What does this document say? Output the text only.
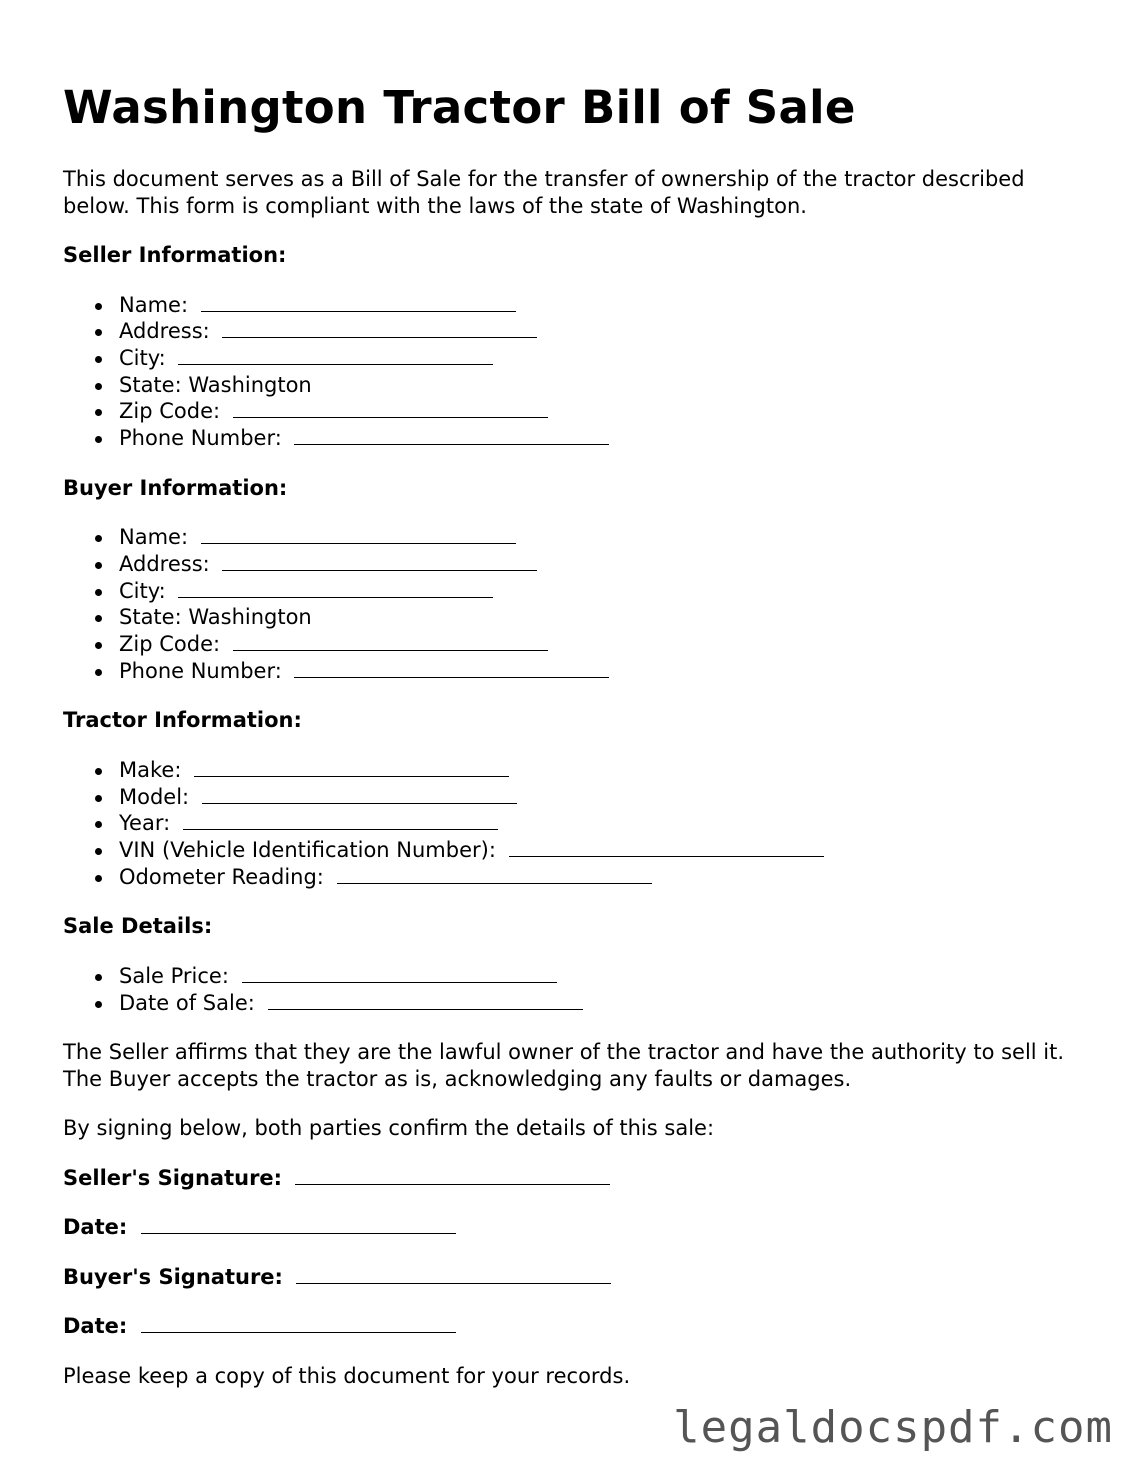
Washington Tractor Bill of Sale

This document serves as a Bill of Sale for the transfer of ownership of the tractor described below. This form is compliant with the laws of the state of Washington.

Seller Information:
Name:
Address:
City:
State: Washington
Zip Code:
Phone Number:
Buyer Information:
Name:
Address:
City:
State: Washington
Zip Code:
Phone Number:
Tractor Information:
Make:
Model:
Year:
VIN (Vehicle Identification Number):
Odometer Reading:
Sale Details:
Sale Price:
Date of Sale:

The Seller affirms that they are the lawful owner of the tractor and have the authority to sell it. The Buyer accepts the tractor as is, acknowledging any faults or damages.

By signing below, both parties confirm the details of this sale:

Seller's Signature:
Date:
Buyer's Signature:
Date:

Please keep a copy of this document for your records.

legaldocspdf.com
